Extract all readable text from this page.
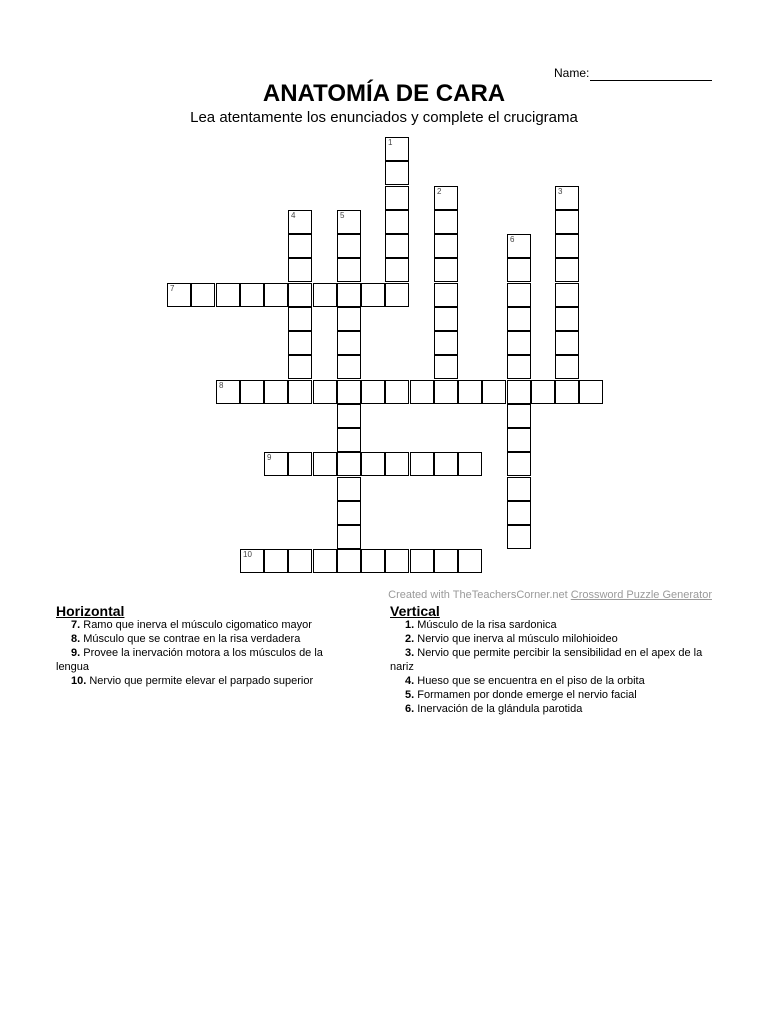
Name:
ANATOMÍA DE CARA
Lea atentamente los enunciados y complete el crucigrama
1
2	3
4	5
6
7
8
9
10
Created with TheTeachersCorner.net Crossword Puzzle Generator
Horizontal
7. Ramo que inerva el músculo cigomatico mayor
8. Músculo que se contrae en la risa verdadera
9. Provee la inervación motora a los músculos de la lengua
10. Nervio que permite elevar el parpado superior
Vertical
1. Músculo de la risa sardonica
2. Nervio que inerva al músculo milohioideo
3. Nervio que permite percibir la sensibilidad en el apex de la nariz
4. Hueso que se encuentra en el piso de la orbita
5. Formamen por donde emerge el nervio facial
6. Inervación de la glándula parotida
